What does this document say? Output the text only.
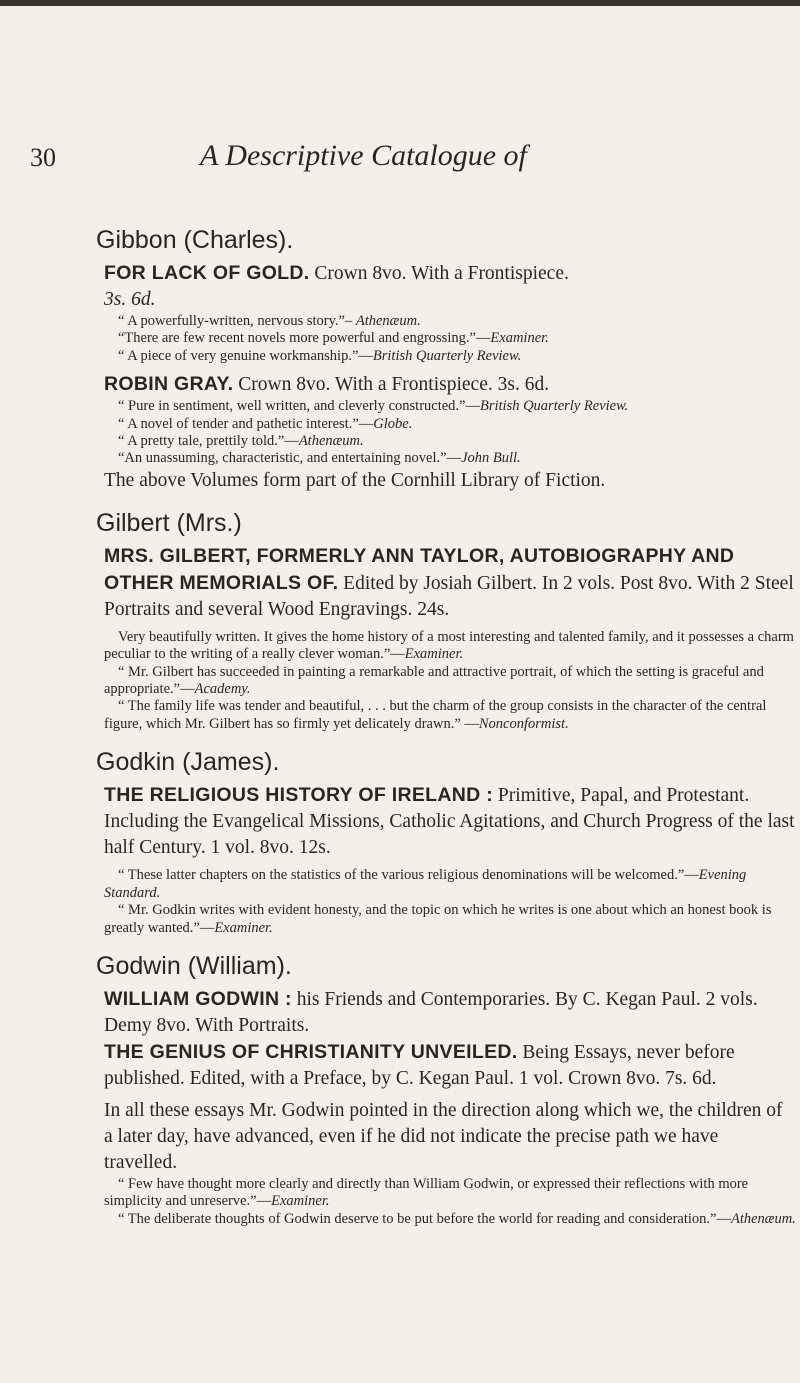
30	A Descriptive Catalogue of
Gibbon (Charles).

FOR LACK OF GOLD. Crown 8vo. With a Frontispiece.

3s. 6d.

“ A powerfully-written, nervous story.”– Athenæum.

“There are few recent novels more powerful and engrossing.”—Examiner.

“ A piece of very genuine workmanship.”—British Quarterly Review.

ROBIN GRAY. Crown 8vo. With a Frontispiece. 3s. 6d.

“ Pure in sentiment, well written, and cleverly constructed.”—British Quarterly Review.

“ A novel of tender and pathetic interest.”—Globe.

“ A pretty tale, prettily told.”—Athenæum.

“An unassuming, characteristic, and entertaining novel.”—John Bull.

The above Volumes form part of the Cornhill Library of Fiction.

Gilbert (Mrs.)

MRS. GILBERT, FORMERLY ANN TAYLOR, AUTOBIOGRAPHY AND OTHER MEMORIALS OF. Edited by Josiah Gilbert. In 2 vols. Post 8vo. With 2 Steel Portraits and several Wood Engravings. 24s.

Very beautifully written. It gives the home history of a most interesting and talented family, and it possesses a charm peculiar to the writing of a really clever woman.”—Examiner.

“ Mr. Gilbert has succeeded in painting a remarkable and attractive portrait, of which the setting is graceful and appropriate.”—Academy.

“ The family life was tender and beautiful, . . . but the charm of the group consists in the character of the central figure, which Mr. Gilbert has so firmly yet delicately drawn.” —Nonconformist.

Godkin (James).

THE RELIGIOUS HISTORY OF IRELAND : Primitive, Papal, and Protestant. Including the Evangelical Missions, Catholic Agitations, and Church Progress of the last half Century. 1 vol. 8vo. 12s.

“ These latter chapters on the statistics of the various religious denominations will be welcomed.”—Evening Standard.

“ Mr. Godkin writes with evident honesty, and the topic on which he writes is one about which an honest book is greatly wanted.”—Examiner.

Godwin (William).

WILLIAM GODWIN : his Friends and Contemporaries. By C. Kegan Paul. 2 vols. Demy 8vo. With Portraits.

THE GENIUS OF CHRISTIANITY UNVEILED. Being Essays, never before published. Edited, with a Preface, by C. Kegan Paul. 1 vol. Crown 8vo. 7s. 6d.

In all these essays Mr. Godwin pointed in the direction along which we, the children of a later day, have advanced, even if he did not indicate the precise path we have travelled.

“ Few have thought more clearly and directly than William Godwin, or expressed their reflections with more simplicity and unreserve.”—Examiner.

“ The deliberate thoughts of Godwin deserve to be put before the world for reading and consideration.”—Athenæum.
